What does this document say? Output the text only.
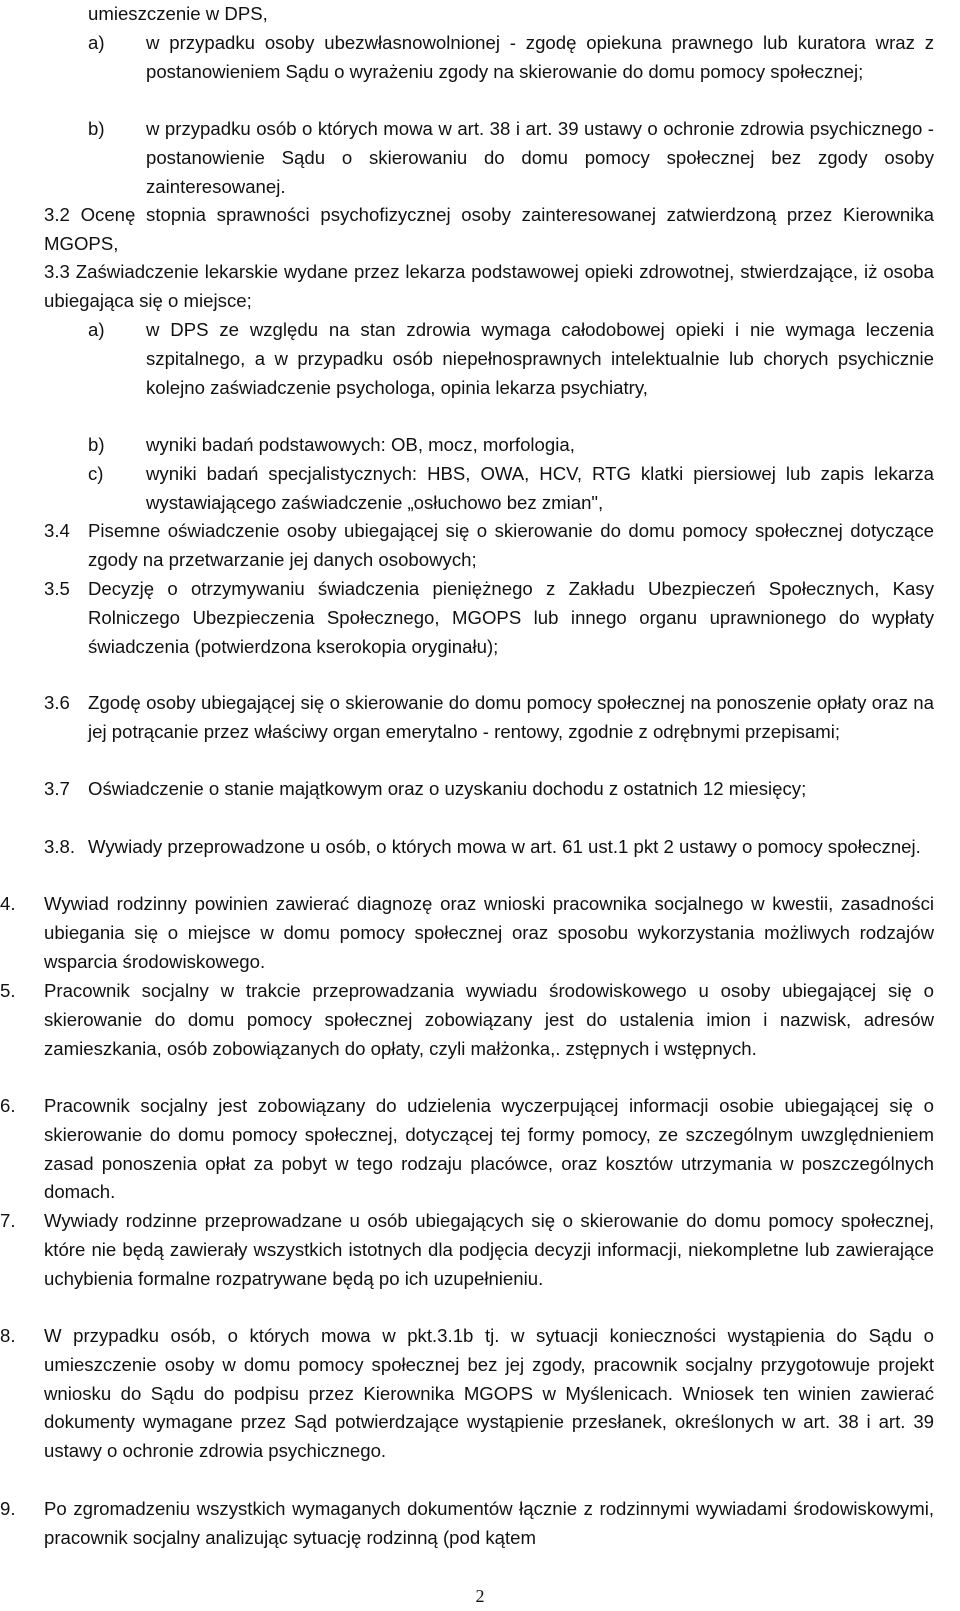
umieszczenie w DPS,
a) w przypadku osoby ubezwłasnowolnionej - zgodę opiekuna prawnego lub kuratora wraz z postanowieniem Sądu o wyrażeniu zgody na skierowanie do domu pomocy społecznej;
b) w przypadku osób o których mowa w art. 38 i art. 39 ustawy o ochronie zdrowia psychicznego - postanowienie Sądu o skierowaniu do domu pomocy społecznej bez zgody osoby zainteresowanej.
3.2 Ocenę stopnia sprawności psychofizycznej osoby zainteresowanej zatwierdzoną przez Kierownika MGOPS,
3.3 Zaświadczenie lekarskie wydane przez lekarza podstawowej opieki zdrowotnej, stwierdzające, iż osoba ubiegająca się o miejsce;
a) w DPS ze względu na stan zdrowia wymaga całodobowej opieki i nie wymaga leczenia szpitalnego, a w przypadku osób niepełnosprawnych intelektualnie lub chorych psychicznie kolejno zaświadczenie psychologa, opinia lekarza psychiatry,
b) wyniki badań podstawowych: OB, mocz, morfologia,
c) wyniki badań specjalistycznych: HBS, OWA, HCV, RTG klatki piersiowej lub zapis lekarza wystawiającego zaświadczenie „osłuchowo bez zmian",
3.4 Pisemne oświadczenie osoby ubiegającej się o skierowanie do domu pomocy społecznej dotyczące zgody na przetwarzanie jej danych osobowych;
3.5 Decyzję o otrzymywaniu świadczenia pieniężnego z Zakładu Ubezpieczeń Społecznych, Kasy Rolniczego Ubezpieczenia Społecznego, MGOPS lub innego organu uprawnionego do wypłaty świadczenia (potwierdzona kserokopia oryginału);
3.6 Zgodę osoby ubiegającej się o skierowanie do domu pomocy społecznej na ponoszenie opłaty oraz na jej potrącanie przez właściwy organ emerytalno - rentowy, zgodnie z odrębnymi przepisami;
3.7 Oświadczenie o stanie majątkowym oraz o uzyskaniu dochodu z ostatnich 12 miesięcy;
3.8. Wywiady przeprowadzone u osób, o których mowa w art. 61 ust.1 pkt 2 ustawy o pomocy społecznej.
4. Wywiad rodzinny powinien zawierać diagnozę oraz wnioski pracownika socjalnego w kwestii, zasadności ubiegania się o miejsce w domu pomocy społecznej oraz sposobu wykorzystania możliwych rodzajów wsparcia środowiskowego.
5. Pracownik socjalny w trakcie przeprowadzania wywiadu środowiskowego u osoby ubiegającej się o skierowanie do domu pomocy społecznej zobowiązany jest do ustalenia imion i nazwisk, adresów zamieszkania, osób zobowiązanych do opłaty, czyli małżonka,. zstępnych i wstępnych.
6. Pracownik socjalny jest zobowiązany do udzielenia wyczerpującej informacji osobie ubiegającej się o skierowanie do domu pomocy społecznej, dotyczącej tej formy pomocy, ze szczególnym uwzględnieniem zasad ponoszenia opłat za pobyt w tego rodzaju placówce, oraz kosztów utrzymania w poszczególnych domach.
7. Wywiady rodzinne przeprowadzane u osób ubiegających się o skierowanie do domu pomocy społecznej, które nie będą zawierały wszystkich istotnych dla podjęcia decyzji informacji, niekompletne lub zawierające uchybienia formalne rozpatrywane będą po ich uzupełnieniu.
8. W przypadku osób, o których mowa w pkt.3.1b tj. w sytuacji konieczności wystąpienia do Sądu o umieszczenie osoby w domu pomocy społecznej bez jej zgody, pracownik socjalny przygotowuje projekt wniosku do Sądu do podpisu przez Kierownika MGOPS w Myślenicach. Wniosek ten winien zawierać dokumenty wymagane przez Sąd potwierdzające wystąpienie przesłanek, określonych w art. 38 i art. 39 ustawy o ochronie zdrowia psychicznego.
9. Po zgromadzeniu wszystkich wymaganych dokumentów łącznie z rodzinnymi wywiadami środowiskowymi, pracownik socjalny analizując sytuację rodzinną (pod kątem
2
